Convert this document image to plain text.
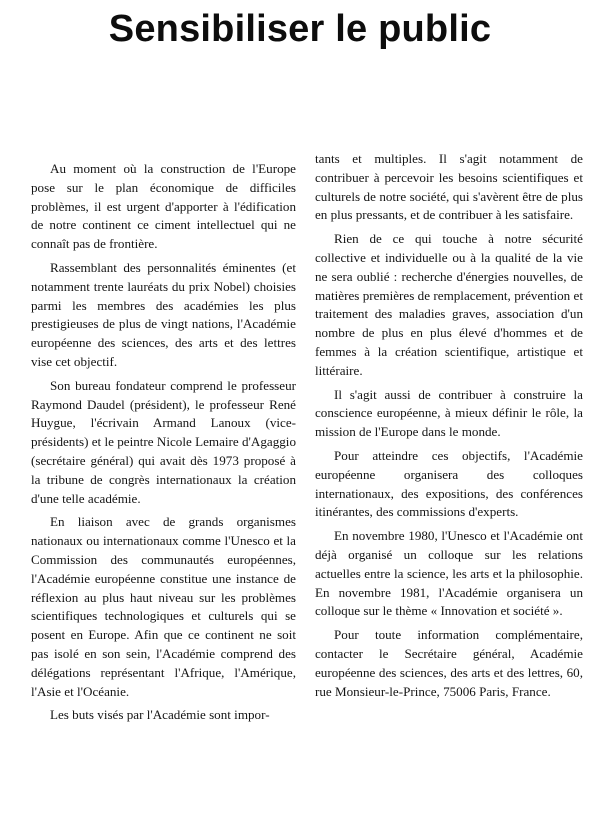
Sensibiliser le public

Au moment où la construction de l'Europe pose sur le plan économique de difficiles problèmes, il est urgent d'apporter à l'édification de notre continent ce ciment intellectuel qui ne connaît pas de frontière.

Rassemblant des personnalités éminentes (et notamment trente lauréats du prix Nobel) choisies parmi les membres des académies les plus prestigieuses de plus de vingt nations, l'Académie européenne des sciences, des arts et des lettres vise cet objectif.

Son bureau fondateur comprend le professeur Raymond Daudel (président), le professeur René Huygue, l'écrivain Armand Lanoux (vice-présidents) et le peintre Nicole Lemaire d'Agaggio (secrétaire général) qui avait dès 1973 proposé à la tribune de congrès internationaux la création d'une telle académie.

En liaison avec de grands organismes nationaux ou internationaux comme l'Unesco et la Commission des communautés européennes, l'Académie européenne constitue une instance de réflexion au plus haut niveau sur les problèmes scientifiques technologiques et culturels qui se posent en Europe. Afin que ce continent ne soit pas isolé en son sein, l'Académie comprend des délégations représentant l'Afrique, l'Amérique, l'Asie et l'Océanie.

Les buts visés par l'Académie sont impor-

tants et multiples. Il s'agit notamment de contribuer à percevoir les besoins scientifiques et culturels de notre société, qui s'avèrent être de plus en plus pressants, et de contribuer à les satisfaire.

Rien de ce qui touche à notre sécurité collective et individuelle ou à la qualité de la vie ne sera oublié : recherche d'énergies nouvelles, de matières premières de remplacement, prévention et traitement des maladies graves, association d'un nombre de plus en plus élevé d'hommes et de femmes à la création scientifique, artistique et littéraire.

Il s'agit aussi de contribuer à construire la conscience européenne, à mieux définir le rôle, la mission de l'Europe dans le monde.

Pour atteindre ces objectifs, l'Académie européenne organisera des colloques internationaux, des expositions, des conférences itinérantes, des commissions d'experts.

En novembre 1980, l'Unesco et l'Académie ont déjà organisé un colloque sur les relations actuelles entre la science, les arts et la philosophie. En novembre 1981, l'Académie organisera un colloque sur le thème « Innovation et société ».

Pour toute information complémentaire, contacter le Secrétaire général, Académie européenne des sciences, des arts et des lettres, 60, rue Monsieur-le-Prince, 75006 Paris, France.
